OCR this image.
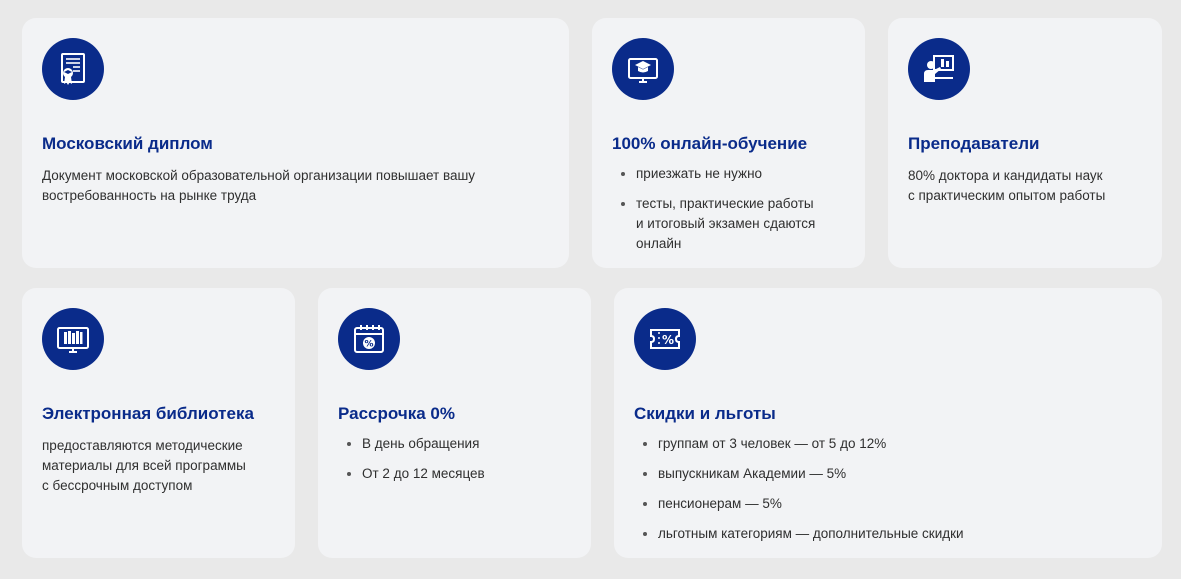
Московский диплом
Документ московской образовательной организации повышает вашу
востребованность на рынке труда
100% онлайн-обучение
приезжать не нужно
тесты, практические работы
и итоговый экзамен сдаются
онлайн
Преподаватели
80% доктора и кандидаты наук
с практическим опытом работы
Электронная библиотека
предоставляются методические
материалы для всей программы
с бессрочным доступом
%
Рассрочка 0%
В день обращения
От 2 до 12 месяцев
%
Скидки и льготы
группам от 3 человек — от 5 до 12%
выпускникам Академии — 5%
пенсионерам — 5%
льготным категориям — дополнительные скидки
